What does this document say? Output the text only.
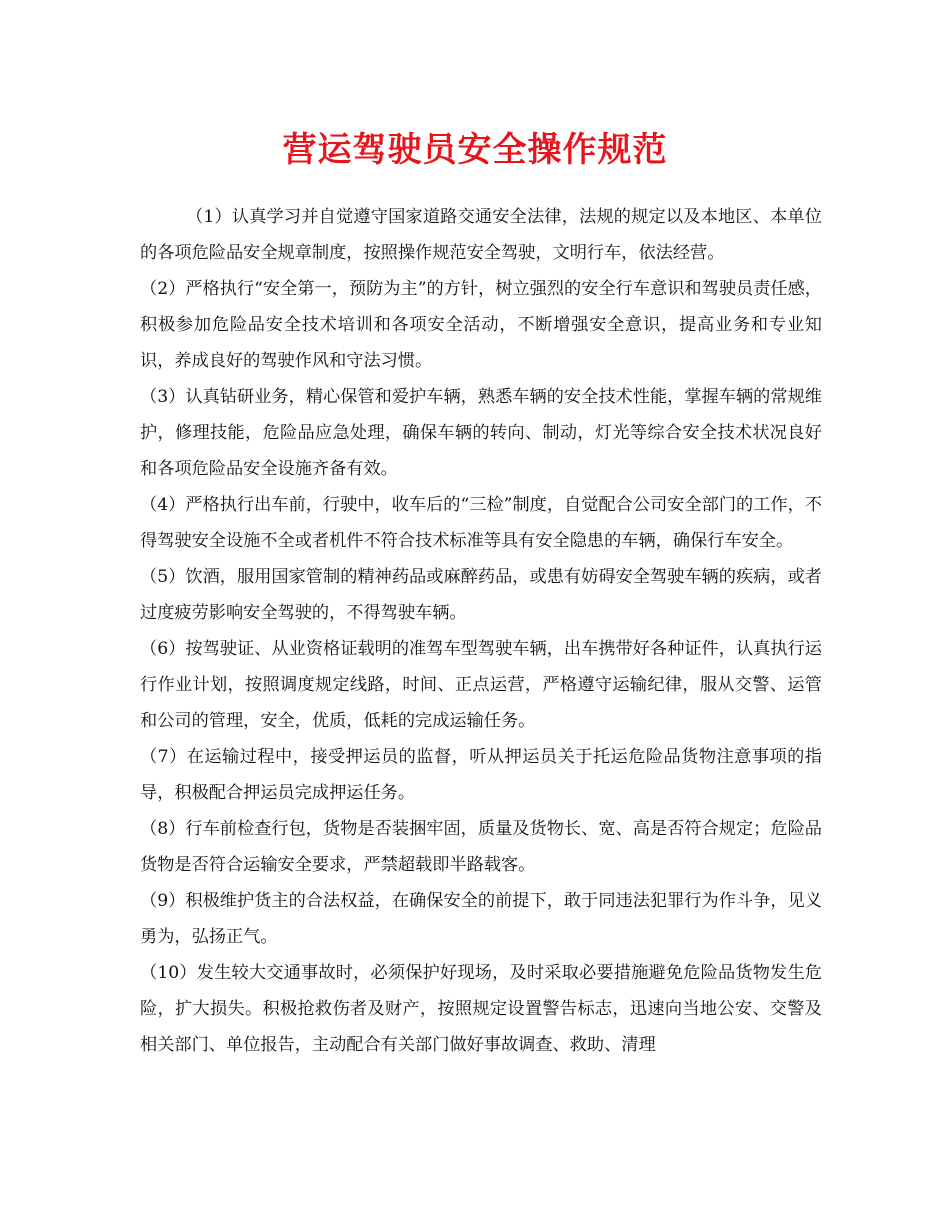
营运驾驶员安全操作规范

（1）认真学习并自觉遵守国家道路交通安全法律，法规的规定以及本地区、本单位的各项危险品安全规章制度，按照操作规范安全驾驶，文明行车，依法经营。

（2）严格执行“安全第一，预防为主”的方针，树立强烈的安全行车意识和驾驶员责任感，积极参加危险品安全技术培训和各项安全活动，不断增强安全意识，提高业务和专业知识，养成良好的驾驶作风和守法习惯。

（3）认真钻研业务，精心保管和爱护车辆，熟悉车辆的安全技术性能，掌握车辆的常规维护，修理技能，危险品应急处理，确保车辆的转向、制动，灯光等综合安全技术状况良好和各项危险品安全设施齐备有效。

（4）严格执行出车前，行驶中，收车后的“三检”制度，自觉配合公司安全部门的工作，不得驾驶安全设施不全或者机件不符合技术标准等具有安全隐患的车辆，确保行车安全。

（5）饮酒，服用国家管制的精神药品或麻醉药品，或患有妨碍安全驾驶车辆的疾病，或者过度疲劳影响安全驾驶的，不得驾驶车辆。

（6）按驾驶证、从业资格证载明的准驾车型驾驶车辆，出车携带好各种证件，认真执行运行作业计划，按照调度规定线路，时间、正点运营，严格遵守运输纪律，服从交警、运管和公司的管理，安全，优质，低耗的完成运输任务。

（7）在运输过程中，接受押运员的监督，听从押运员关于托运危险品货物注意事项的指导，积极配合押运员完成押运任务。

（8）行车前检查行包，货物是否装捆牢固，质量及货物长、宽、高是否符合规定；危险品货物是否符合运输安全要求，严禁超载即半路载客。

（9）积极维护货主的合法权益，在确保安全的前提下，敢于同违法犯罪行为作斗争，见义勇为，弘扬正气。

（10）发生较大交通事故时，必须保护好现场，及时采取必要措施避免危险品货物发生危险，扩大损失。积极抢救伤者及财产，按照规定设置警告标志，迅速向当地公安、交警及相关部门、单位报告，主动配合有关部门做好事故调查、救助、清理
